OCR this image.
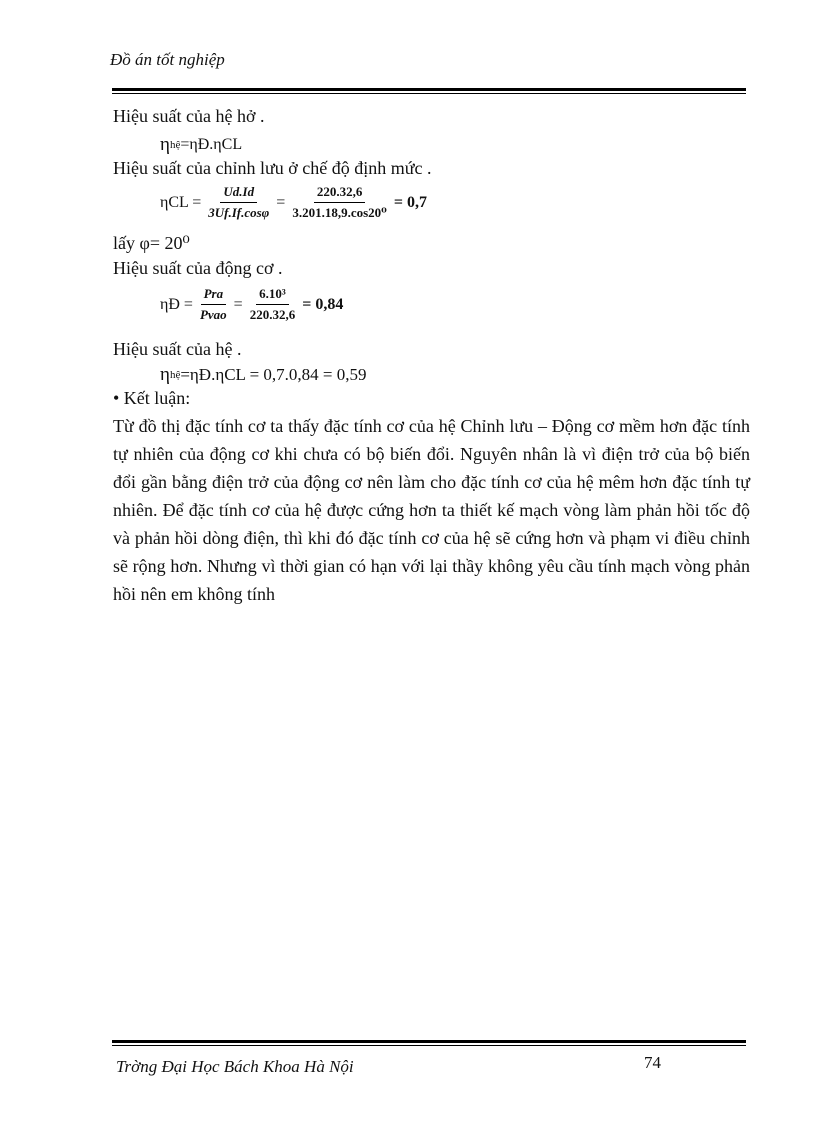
Đồ án tốt nghiệp
Hiệu suất của hệ hở .
η hệ =ηĐ.ηCL
Hiệu suất của chỉnh lưu ở chế độ định mức .
$\eta CL = \frac{Ud.Id}{3Uf.If.\cos\varphi} = \frac{220.32,6}{\text{3.201.18,9.cos20⁰}} = 0,7$
lấy φ= 20⁰
Hiệu suất của động cơ .
ηĐ = $\frac{\text{Pra}}{\text{Pvao}} = \frac{\text{6.10³}}{220.32,6} = 0,84$
Hiệu suất của hệ .
η hệ =ηĐ.ηCL = 0,7.0,84 = 0,59
• Kết luận:
Từ đồ thị đặc tính cơ ta thấy đặc tính cơ của hệ Chỉnh lưu – Động cơ mềm hơn đặc tính tự nhiên của động cơ khi chưa có bộ biến đổi. Nguyên nhân là vì điện trở của bộ biến đổi gần bằng điện trở của động cơ nên làm cho đặc tính cơ của hệ mêm hơn đặc tính tự nhiên. Để đặc tính cơ của hệ được cứng hơn ta thiết kế mạch vòng làm phản hồi tốc độ và phản hồi dòng điện, thì khi đó đặc tính cơ của hệ sẽ cứng hơn và phạm vi điều chỉnh sẽ rộng hơn. Nhưng vì thời gian có hạn với lại thầy không yêu cầu tính mạch vòng phản hồi nên em không tính
Trờng Đại Học Bách Khoa Hà Nội	74
